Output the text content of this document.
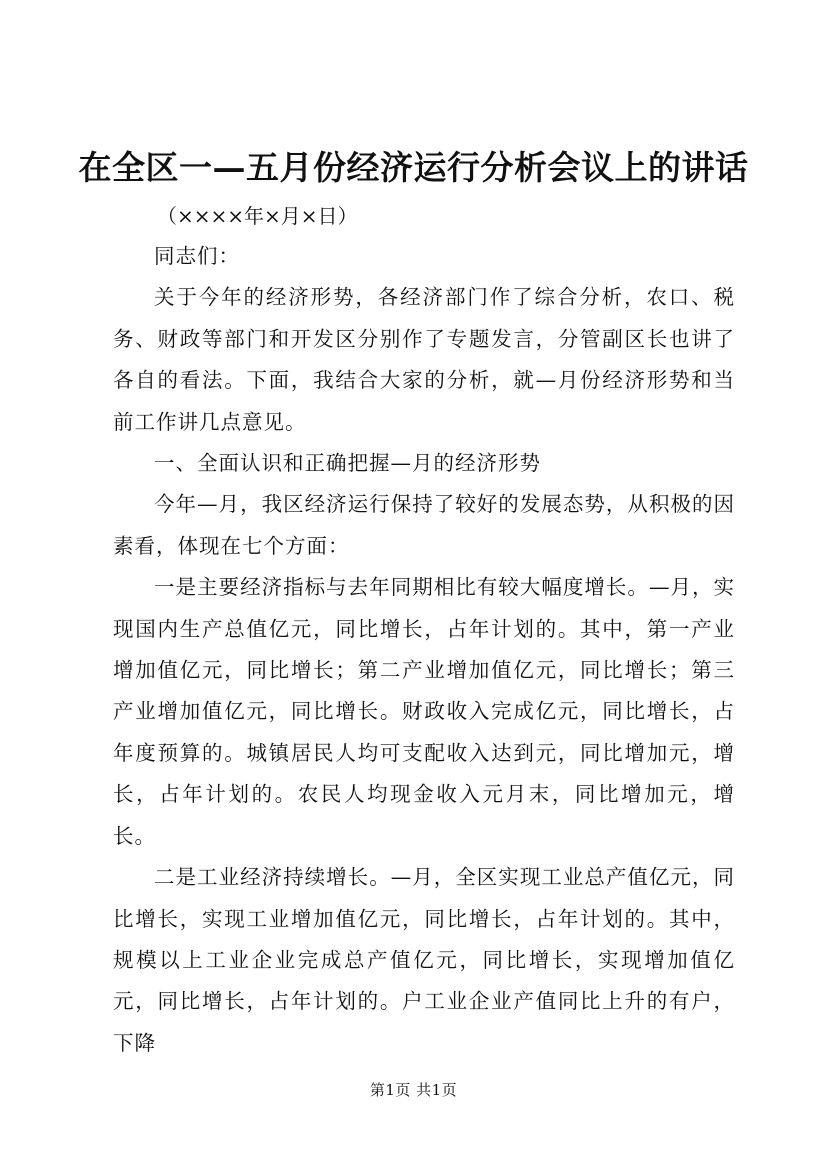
在全区一—五月份经济运行分析会议上的讲话
（××××年×月×日）

同志们：

关于今年的经济形势，各经济部门作了综合分析，农口、税务、财政等部门和开发区分别作了专题发言，分管副区长也讲了各自的看法。下面，我结合大家的分析，就—月份经济形势和当前工作讲几点意见。

一、全面认识和正确把握—月的经济形势

今年—月，我区经济运行保持了较好的发展态势，从积极的因素看，体现在七个方面：

一是主要经济指标与去年同期相比有较大幅度增长。—月，实现国内生产总值亿元，同比增长，占年计划的。其中，第一产业增加值亿元，同比增长；第二产业增加值亿元，同比增长；第三产业增加值亿元，同比增长。财政收入完成亿元，同比增长，占年度预算的。城镇居民人均可支配收入达到元，同比增加元，增长，占年计划的。农民人均现金收入元月末，同比增加元，增长。

二是工业经济持续增长。—月，全区实现工业总产值亿元，同比增长，实现工业增加值亿元，同比增长，占年计划的。其中，规模以上工业企业完成总产值亿元，同比增长，实现增加值亿元，同比增长，占年计划的。户工业企业产值同比上升的有户，下降

第1页 共1页
